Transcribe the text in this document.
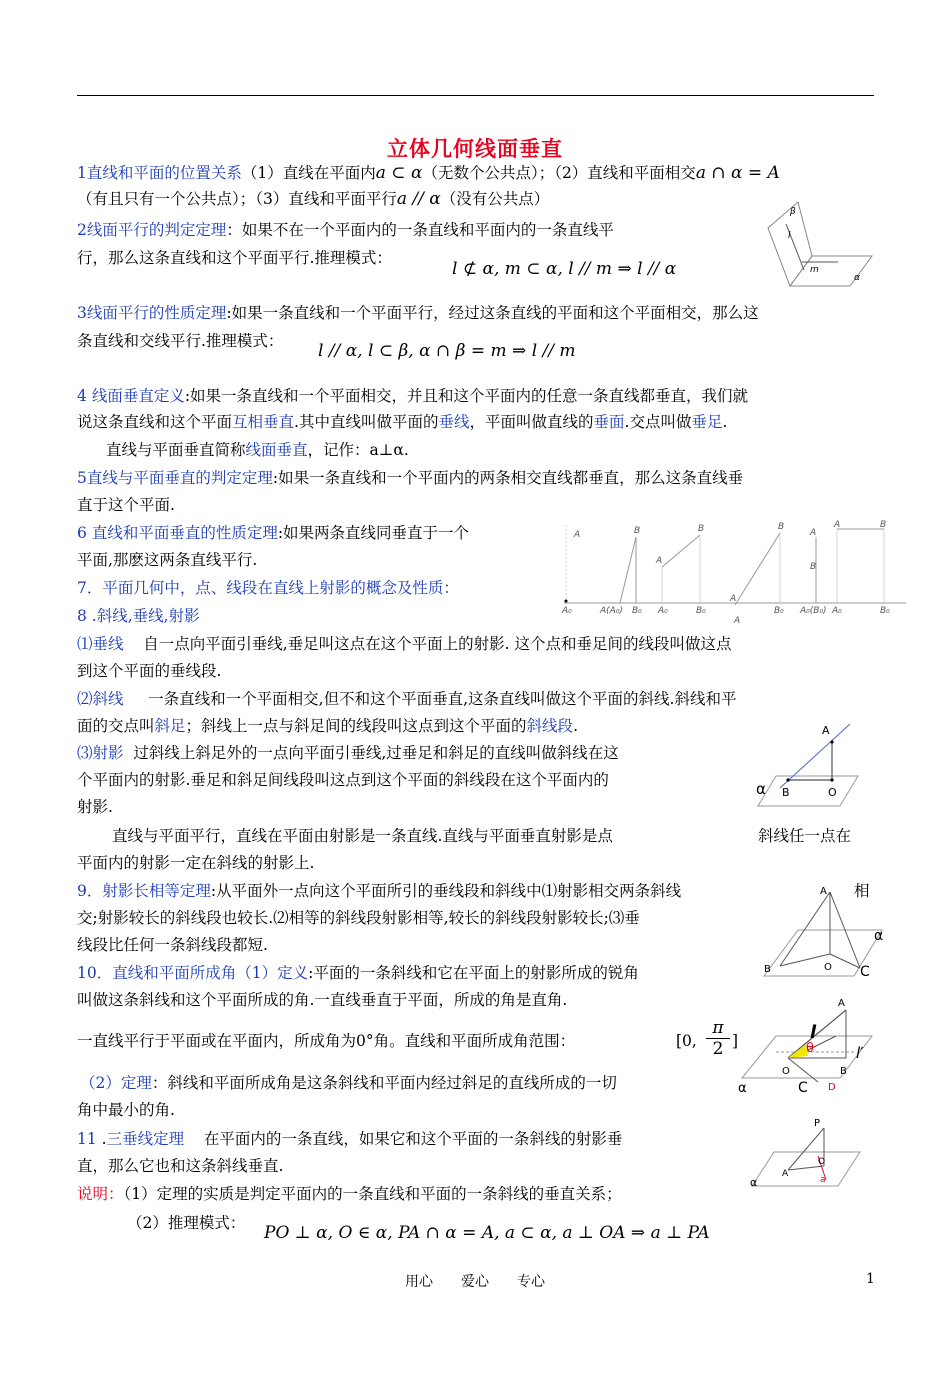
立体几何线面垂直
1直线和平面的位置关系（1）直线在平面内a ⊂ α（无数个公共点）；（2）直线和平面相交a ∩ α = A
（有且只有一个公共点）；（3）直线和平面平行a // α（没有公共点）
2线面平行的判定定理：如果不在一个平面内的一条直线和平面内的一条直线平
行，那么这条直线和这个平面平行.推理模式：
l ⊄ α, m ⊂ α, l // m ⇒ l // α
β
l
m
α
3线面平行的性质定理:如果一条直线和一个平面平行，经过这条直线的平面和这个平面相交，那么这
条直线和交线平行.推理模式： l // α, l ⊂ β, α ∩ β = m ⇒ l // m
4 线面垂直定义:如果一条直线和一个平面相交，并且和这个平面内的任意一条直线都垂直，我们就
说这条直线和这个平面互相垂直.其中直线叫做平面的垂线，平面叫做直线的垂面.交点叫做垂足.
直线与平面垂直简称线面垂直，记作：a⊥α.
5直线与平面垂直的判定定理:如果一条直线和一个平面内的两条相交直线都垂直，那么这条直线垂
直于这个平面.
6 直线和平面垂直的性质定理:如果两条直线同垂直于一个
平面,那麽这两条直线平行.
7．平面几何中，点、线段在直线上射影的概念及性质：
A
A₀
B
A(A₀) B₀
A
B
A₀	B₀
A
A
B
B₀
A
B
A₀(B₀) A₀
A	B
B₀
8 .斜线,垂线,射影
⑴垂线 自一点向平面引垂线,垂足叫这点在这个平面上的射影. 这个点和垂足间的线段叫做这点
到这个平面的垂线段.
⑵斜线 一条直线和一个平面相交,但不和这个平面垂直,这条直线叫做这个平面的斜线.斜线和平
面的交点叫斜足；斜线上一点与斜足间的线段叫这点到这个平面的斜线段.
⑶射影 过斜线上斜足外的一点向平面引垂线,过垂足和斜足的直线叫做斜线在这
个平面内的射影.垂足和斜足间线段叫这点到这个平面的斜线段在这个平面内的
射影.
直线与平面平行，直线在平面由射影是一条直线.直线与平面垂直射影是点	斜线任一点在
平面内的射影一定在斜线的射影上.
A
B	O
α
9．射影长相等定理:从平面外一点向这个平面所引的垂线段和斜线中⑴射影相交两条斜线	相
交;射影较长的斜线段也较长.⑵相等的斜线段射影相等,较长的斜线段射影较长;⑶垂
线段比任何一条斜线段都短.
A
B	O C
α
10．直线和平面所成角（1）定义:平面的一条斜线和它在平面上的射影所成的锐角
叫做这条斜线和这个平面所成的角.一直线垂直于平面，所成的角是直角.
一直线平行于平面或在平面内，所成角为0°角。直线和平面所成角范围：	[0,
π
2 ]
（2）定理：斜线和平面所成角是这条斜线和平面内经过斜足的直线所成的一切
角中最小的角.
A
l
θ	l′
O	B
C D
α
11 .三垂线定理 在平面内的一条直线，如果它和这个平面的一条斜线的射影垂
直，那么它也和这条斜线垂直.
说明：（1）定理的实质是判定平面内的一条直线和平面的一条斜线的垂直关系；
（2）推理模式： PO ⊥ α, O ∈ α, PA ∩ α = A, a ⊂ α, a ⊥ OA ⇒ a ⊥ PA
P
A
O
a
α
用心 爱心 专心	1
